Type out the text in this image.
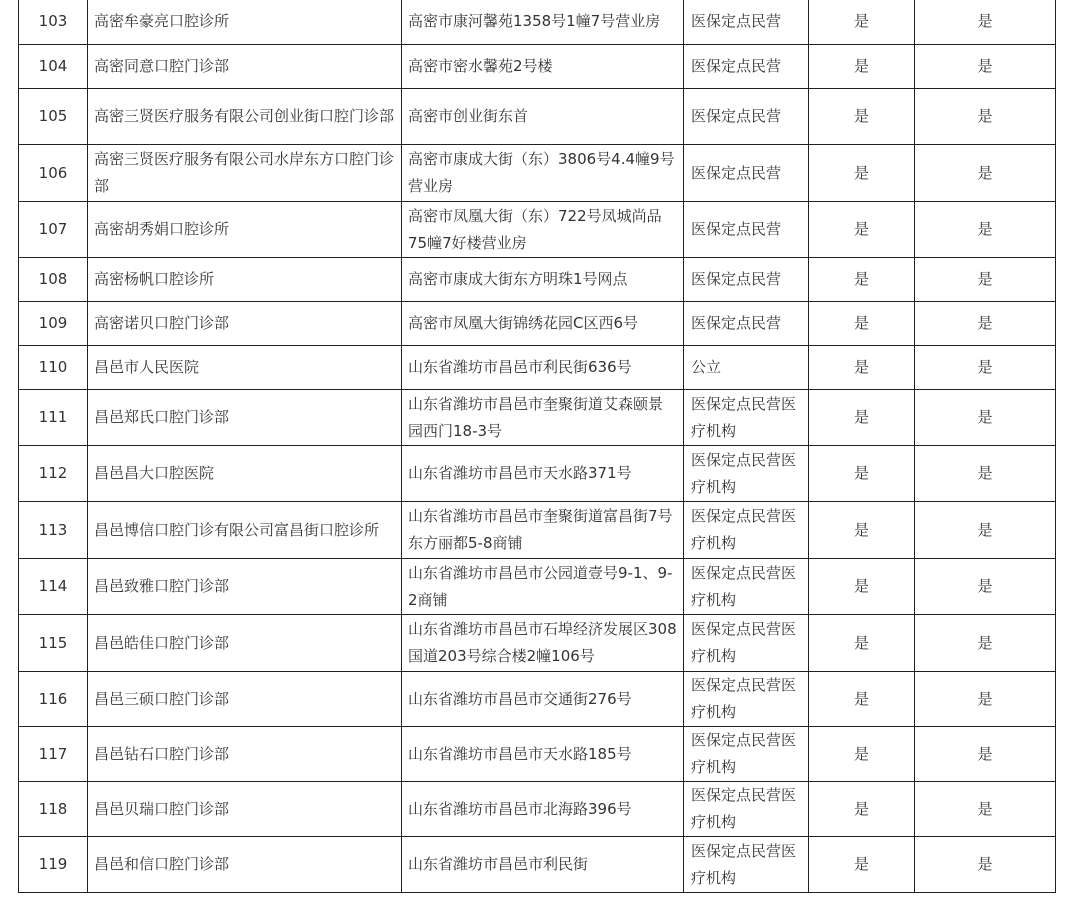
103	高密牟豪亮口腔诊所	高密市康河馨苑1358号1幢7号营业房	医保定点民营	是	是
104	高密同意口腔门诊部	高密市密水馨苑2号楼	医保定点民营	是	是
105	高密三贤医疗服务有限公司创业街口腔门诊部	高密市创业街东首	医保定点民营	是	是
106	高密三贤医疗服务有限公司水岸东方口腔门诊部	高密市康成大街（东）3806号4.4幢9号营业房	医保定点民营	是	是
107	高密胡秀娟口腔诊所	高密市凤凰大街（东）722号凤城尚品75幢7好楼营业房	医保定点民营	是	是
108	高密杨帆口腔诊所	高密市康成大街东方明珠1号网点	医保定点民营	是	是
109	高密诺贝口腔门诊部	高密市凤凰大街锦绣花园C区西6号	医保定点民营	是	是
110	昌邑市人民医院	山东省潍坊市昌邑市利民街636号	公立	是	是
111	昌邑郑氏口腔门诊部	山东省潍坊市昌邑市奎聚街道艾森颐景园西门18-3号	医保定点民营医疗机构	是	是
112	昌邑昌大口腔医院	山东省潍坊市昌邑市天水路371号	医保定点民营医疗机构	是	是
113	昌邑博信口腔门诊有限公司富昌街口腔诊所	山东省潍坊市昌邑市奎聚街道富昌街7号东方丽都5-8商铺	医保定点民营医疗机构	是	是
114	昌邑致雅口腔门诊部	山东省潍坊市昌邑市公园道壹号9-1、9-2商铺	医保定点民营医疗机构	是	是
115	昌邑皓佳口腔门诊部	山东省潍坊市昌邑市石埠经济发展区308国道203号综合楼2幢106号	医保定点民营医疗机构	是	是
116	昌邑三硕口腔门诊部	山东省潍坊市昌邑市交通街276号	医保定点民营医疗机构	是	是
117	昌邑钻石口腔门诊部	山东省潍坊市昌邑市天水路185号	医保定点民营医疗机构	是	是
118	昌邑贝瑞口腔门诊部	山东省潍坊市昌邑市北海路396号	医保定点民营医疗机构	是	是
119	昌邑和信口腔门诊部	山东省潍坊市昌邑市利民街	医保定点民营医疗机构	是	是
